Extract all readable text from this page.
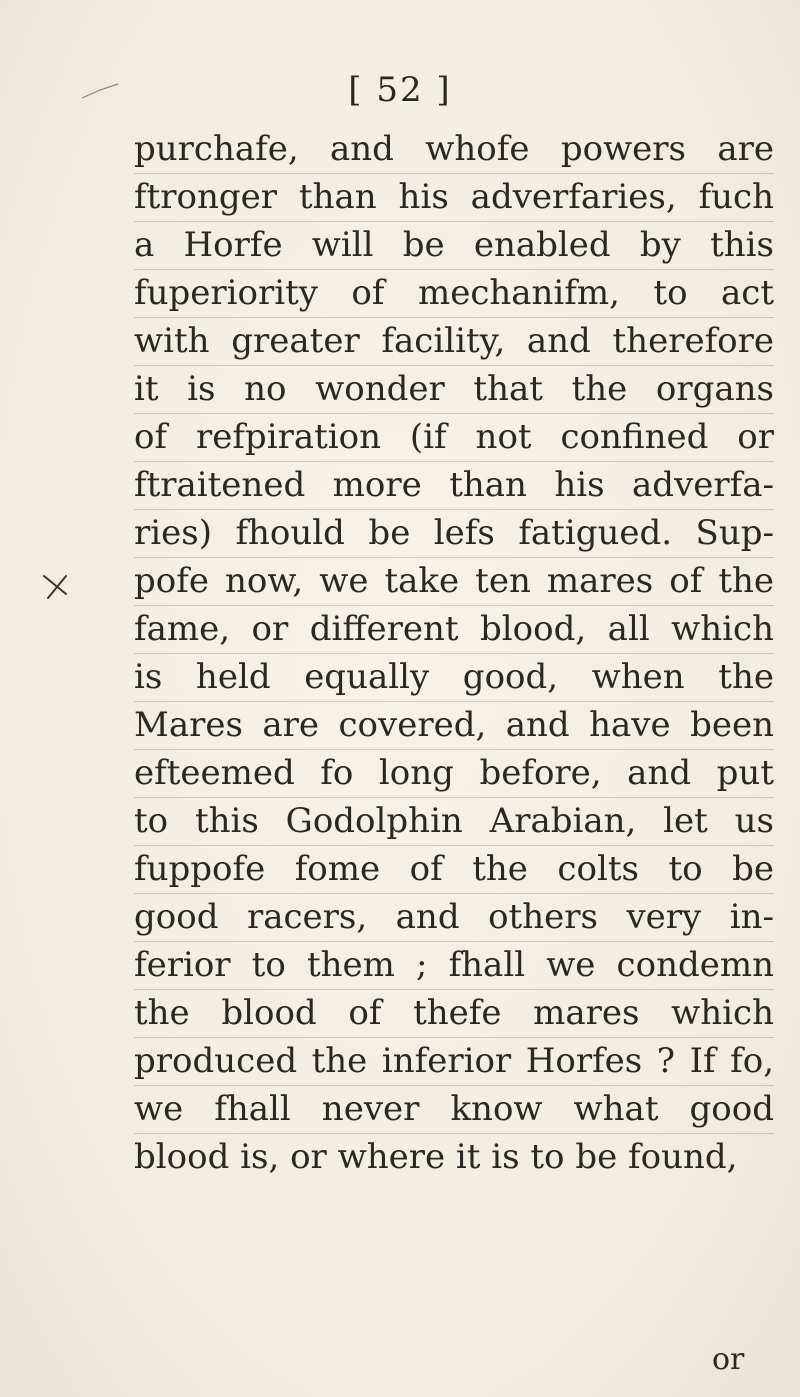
[ 52 ]
purchafe, and whofe powers are
ftronger than his adverfaries, fuch
a Horfe will be enabled by this
fuperiority of mechanifm, to act
with greater facility, and therefore
it is no wonder that the organs
of refpiration (if not confined or
ftraitened more than his adverfa-
ries) fhould be lefs fatigued. Sup-
pofe now, we take ten mares of the
fame, or different blood, all which
is held equally good, when the
Mares are covered, and have been
efteemed fo long before, and put
to this Godolphin Arabian, let us
fuppofe fome of the colts to be
good racers, and others very in-
ferior to them ; fhall we condemn
the blood of thefe mares which
produced the inferior Horfes ? If fo,
we fhall never know what good
blood is, or where it is to be found,
or
